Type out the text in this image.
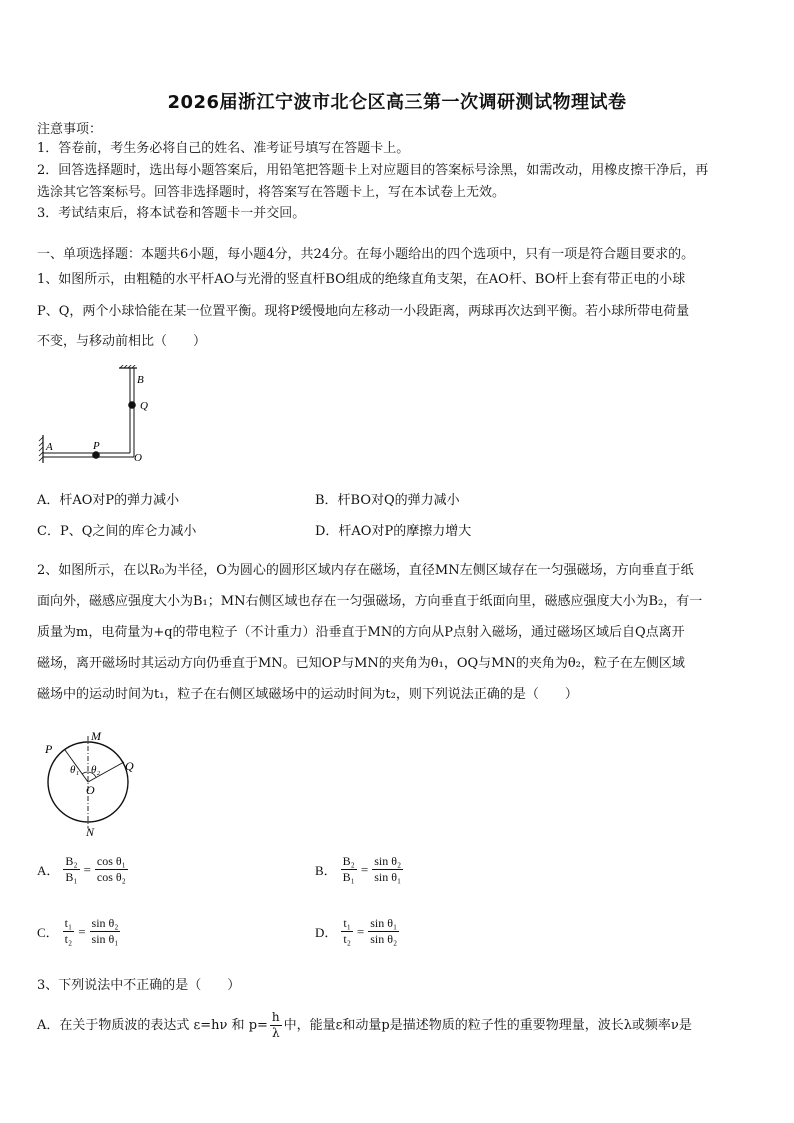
2026届浙江宁波市北仑区高三第一次调研测试物理试卷
注意事项：
1．答卷前，考生务必将自己的姓名、准考证号填写在答题卡上。
2．回答选择题时，选出每小题答案后，用铅笔把答题卡上对应题目的答案标号涂黑，如需改动，用橡皮擦干净后，再
选涂其它答案标号。回答非选择题时，将答案写在答题卡上，写在本试卷上无效。
3．考试结束后，将本试卷和答题卡一并交回。
一、单项选择题：本题共6小题，每小题4分，共24分。在每小题给出的四个选项中，只有一项是符合题目要求的。
1、如图所示，由粗糙的水平杆AO与光滑的竖直杆BO组成的绝缘直角支架，在AO杆、BO杆上套有带正电的小球
P、Q，两个小球恰能在某一位置平衡。现将P缓慢地向左移动一小段距离，两球再次达到平衡。若小球所带电荷量
不变，与移动前相比（　　）
B
Q
A	P
O
A．杆AO对P的弹力减小	B．杆BO对Q的弹力减小
C．P、Q之间的库仑力减小	D．杆AO对P的摩擦力增大
2、如图所示，在以R₀为半径，O为圆心的圆形区域内存在磁场，直径MN左侧区域存在一匀强磁场，方向垂直于纸
面向外，磁感应强度大小为B₁；MN右侧区域也存在一匀强磁场，方向垂直于纸面向里，磁感应强度大小为B₂，有一
质量为m，电荷量为+q的带电粒子（不计重力）沿垂直于MN的方向从P点射入磁场，通过磁场区域后自Q点离开
磁场，离开磁场时其运动方向仍垂直于MN。已知OP与MN的夹角为θ₁，OQ与MN的夹角为θ₂，粒子在左侧区域
磁场中的运动时间为t₁，粒子在右侧区域磁场中的运动时间为t₂，则下列说法正确的是（　　）
M
P
Q
O
N
θ₁ θ₂
A． $\frac{\text{B₂}}{\text{B₁}} = \frac{\text{cos θ₁}}{\text{cos θ₂}}$	B． $\frac{\text{B₂}}{\text{B₁}} = \frac{\text{sin θ₂}}{\text{sin θ₁}}$
C． $\frac{\text{t₁}}{\text{t₂}} = \frac{\text{sin θ₂}}{\text{sin θ₁}}$	D． $\frac{\text{t₁}}{\text{t₂}} = \frac{\text{sin θ₁}}{\text{sin θ₂}}$
3、下列说法中不正确的是（　　）
A．在关于物质波的表达式 ε=hν 和 $p= \frac{h}{\lambda}$ 中，能量ε和动量p是描述物质的粒子性的重要物理量，波长λ或频率ν是
